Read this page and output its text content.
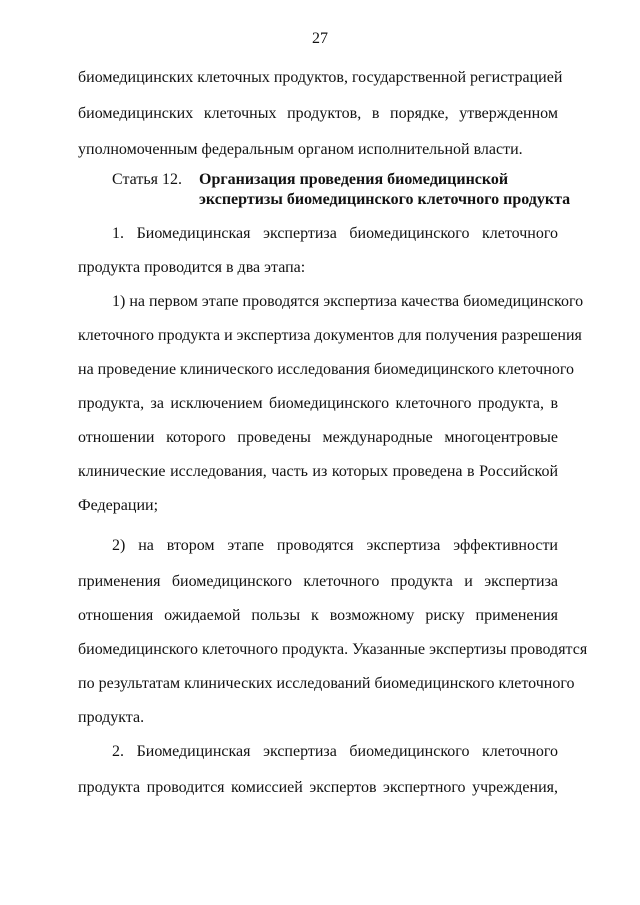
27
биомедицинских клеточных продуктов, государственной регистрацией
биомедицинских клеточных продуктов, в порядке, утвержденном
уполномоченным федеральным органом исполнительной власти.
Статья 12. Организация проведения биомедицинской
экспертизы биомедицинского клеточного продукта
1. Биомедицинская экспертиза биомедицинского клеточного
продукта проводится в два этапа:
1) на первом этапе проводятся экспертиза качества биомедицинского
клеточного продукта и экспертиза документов для получения разрешения
на проведение клинического исследования биомедицинского клеточного
продукта, за исключением биомедицинского клеточного продукта, в
отношении которого проведены международные многоцентровые
клинические исследования, часть из которых проведена в Российской
Федерации;
2) на втором этапе проводятся экспертиза эффективности
применения биомедицинского клеточного продукта и экспертиза
отношения ожидаемой пользы к возможному риску применения
биомедицинского клеточного продукта. Указанные экспертизы проводятся
по результатам клинических исследований биомедицинского клеточного
продукта.
2. Биомедицинская экспертиза биомедицинского клеточного
продукта проводится комиссией экспертов экспертного учреждения,
